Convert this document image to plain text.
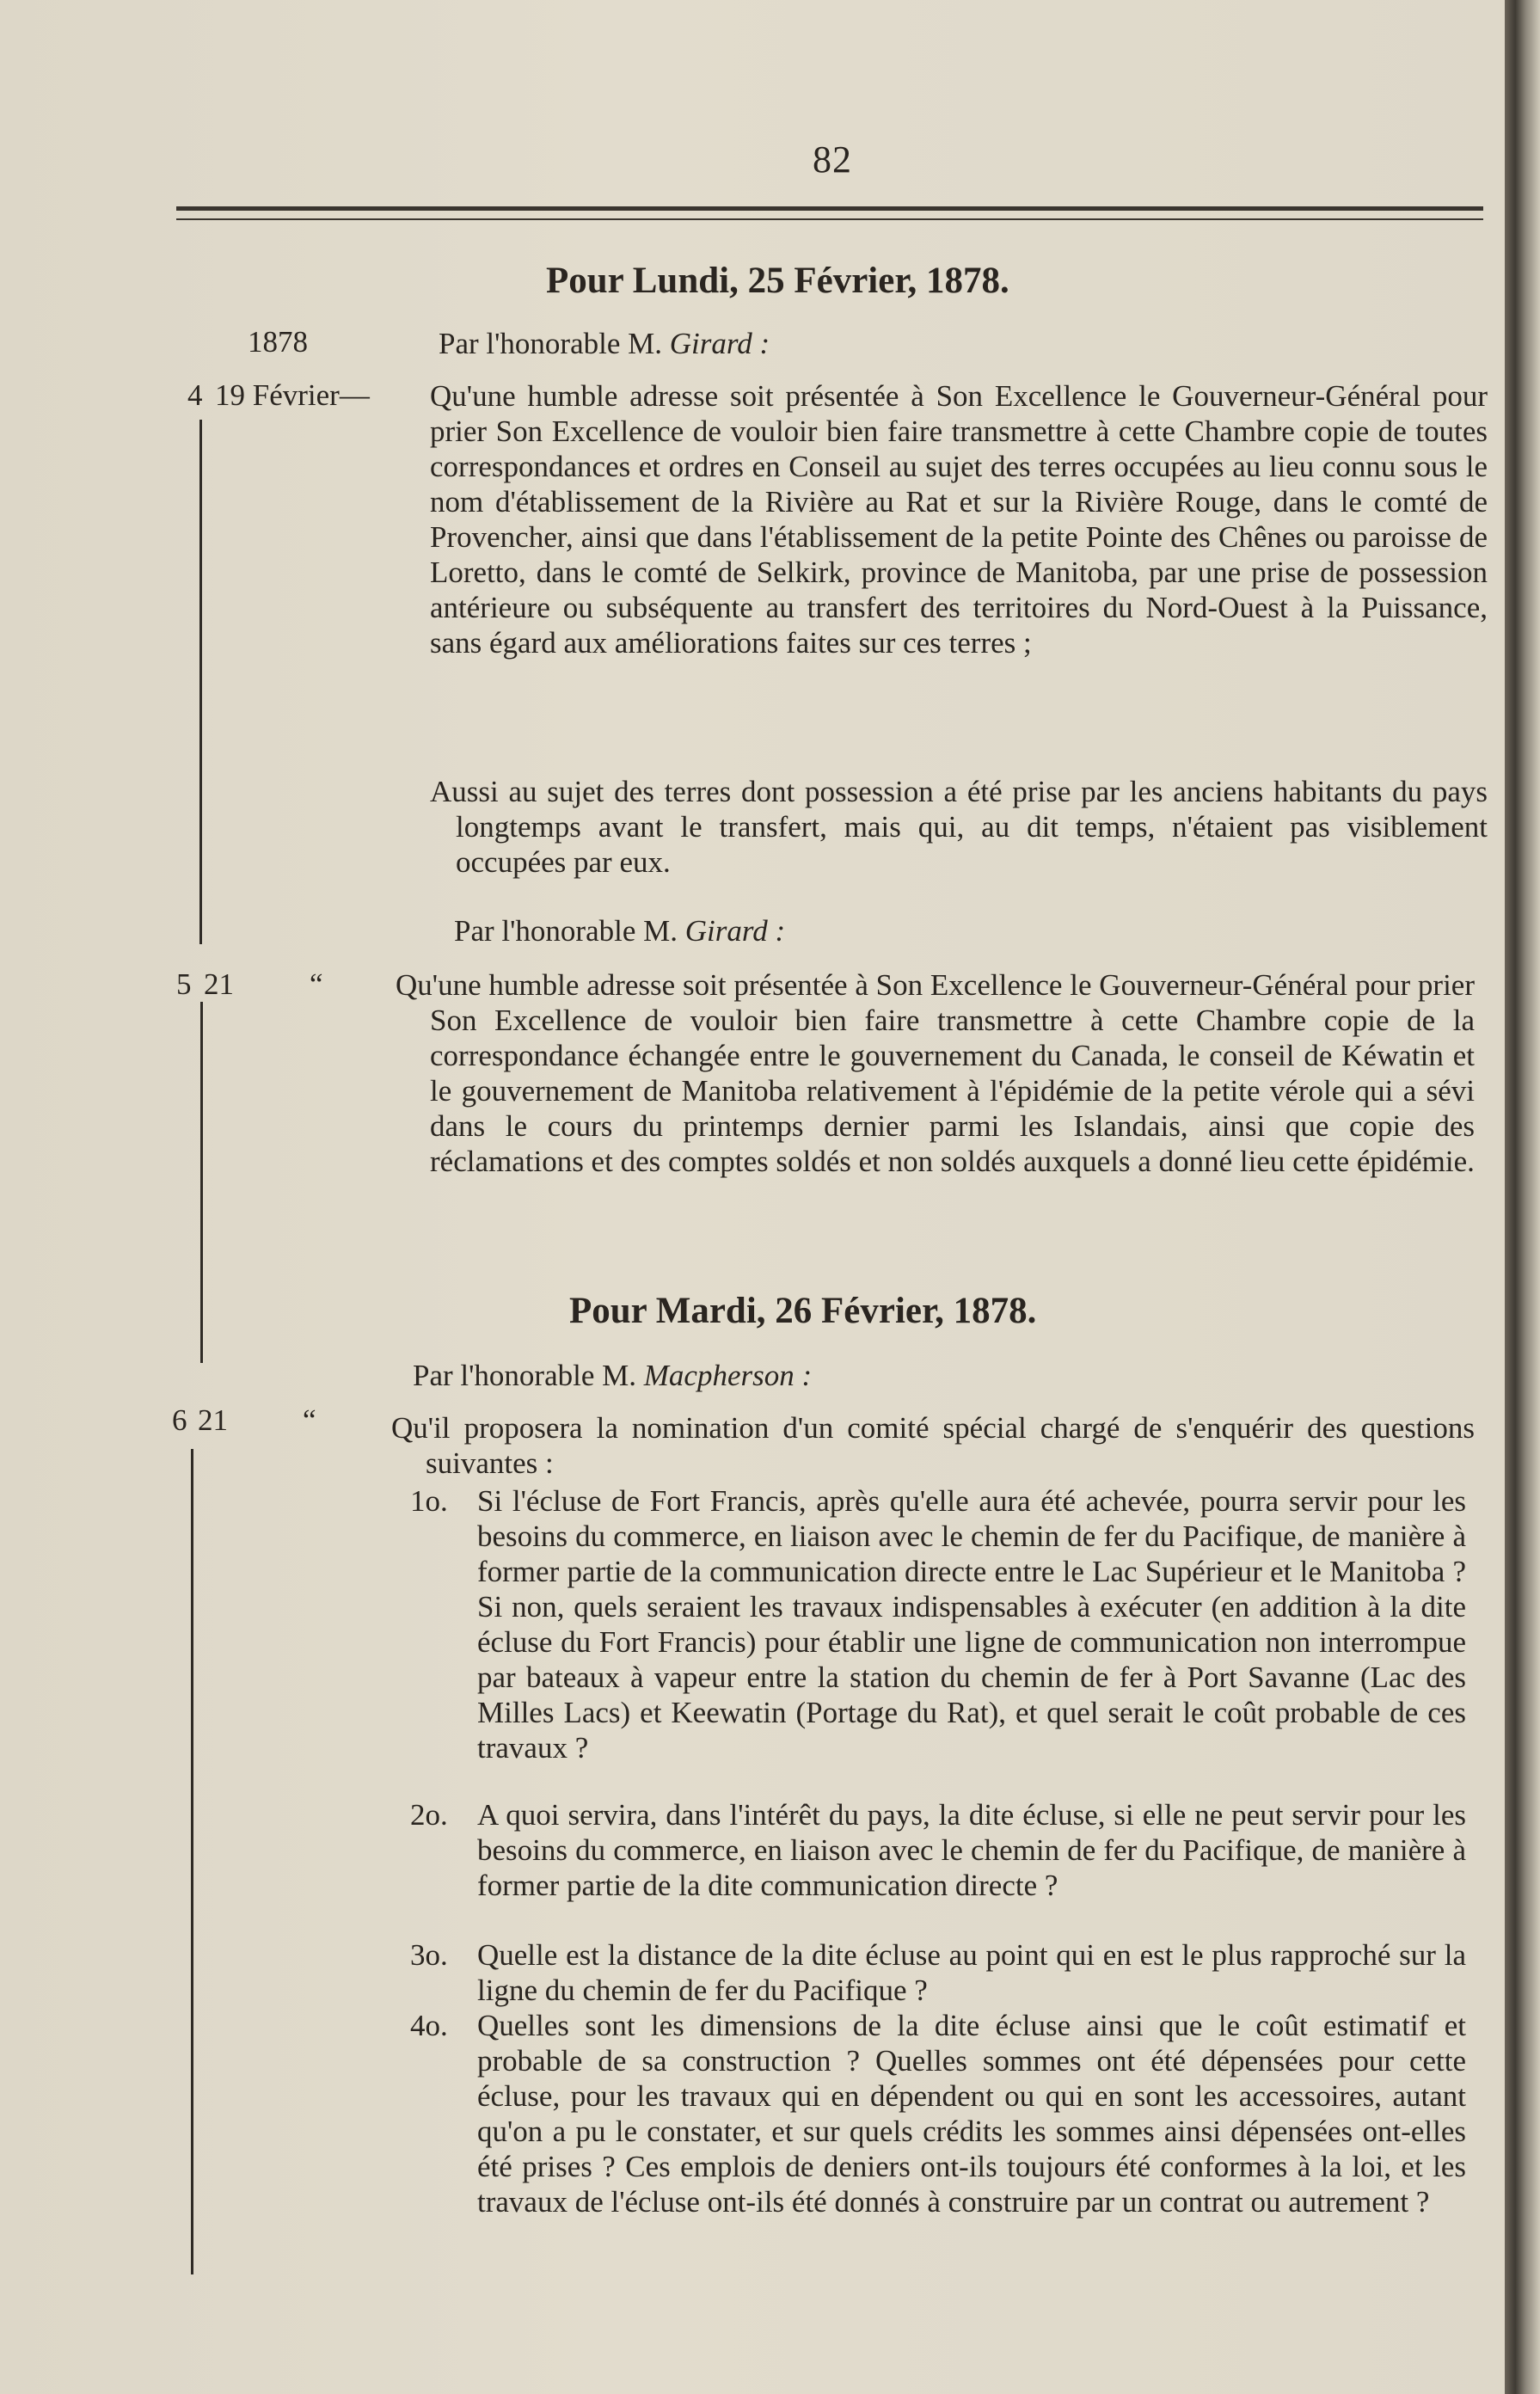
82
Pour Lundi, 25 Février, 1878.
1878	Par l'honorable M. Girard :
4 19 Février— Qu'une humble adresse soit présentée à Son Excellence le Gouverneur-Général pour prier Son Excellence de vouloir bien faire transmettre à cette Chambre copie de toutes correspondances et ordres en Conseil au sujet des terres occupées au lieu connu sous le nom d'établissement de la Rivière au Rat et sur la Rivière Rouge, dans le comté de Provencher, ainsi que dans l'établissement de la petite Pointe des Chênes ou paroisse de Loretto, dans le comté de Selkirk, province de Manitoba, par une prise de possession antérieure ou subséquente au transfert des territoires du Nord-Ouest à la Puissance, sans égard aux améliorations faites sur ces terres ;

Aussi au sujet des terres dont possession a été prise par les anciens habitants du pays longtemps avant le transfert, mais qui, au dit temps, n'étaient pas visiblement occupées par eux.

Par l'honorable M. Girard :
5 21	“ Qu'une humble adresse soit présentée à Son Excellence le Gouverneur-Général pour prier Son Excellence de vouloir bien faire transmettre à cette Chambre copie de la correspondance échangée entre le gouvernement du Canada, le conseil de Kéwatin et le gouvernement de Manitoba relativement à l'épidémie de la petite vérole qui a sévi dans le cours du printemps dernier parmi les Islandais, ainsi que copie des réclamations et des comptes soldés et non soldés auxquels a donné lieu cette épidémie.

Pour Mardi, 26 Février, 1878.
Par l'honorable M. Macpherson :
6 21 “ Qu'il proposera la nomination d'un comité spécial chargé de s'enquérir des questions suivantes :

1o. Si l'écluse de Fort Francis, après qu'elle aura été achevée, pourra servir pour les besoins du commerce, en liaison avec le chemin de fer du Pacifique, de manière à former partie de la communication directe entre le Lac Supérieur et le Manitoba ? Si non, quels seraient les travaux indispensables à exécuter (en addition à la dite écluse du Fort Francis) pour établir une ligne de communication non interrompue par bateaux à vapeur entre la station du chemin de fer à Port Savanne (Lac des Milles Lacs) et Keewatin (Portage du Rat), et quel serait le coût probable de ces travaux ?
2o. A quoi servira, dans l'intérêt du pays, la dite écluse, si elle ne peut servir pour les besoins du commerce, en liaison avec le chemin de fer du Pacifique, de manière à former partie de la dite communication directe ?
3o. Quelle est la distance de la dite écluse au point qui en est le plus rapproché sur la ligne du chemin de fer du Pacifique ?
4o. Quelles sont les dimensions de la dite écluse ainsi que le coût estimatif et probable de sa construction ? Quelles sommes ont été dépensées pour cette écluse, pour les travaux qui en dépendent ou qui en sont les accessoires, autant qu'on a pu le constater, et sur quels crédits les sommes ainsi dépensées ont-elles été prises ? Ces emplois de deniers ont-ils toujours été conformes à la loi, et les travaux de l'écluse ont-ils été donnés à construire par un contrat ou autrement ?
